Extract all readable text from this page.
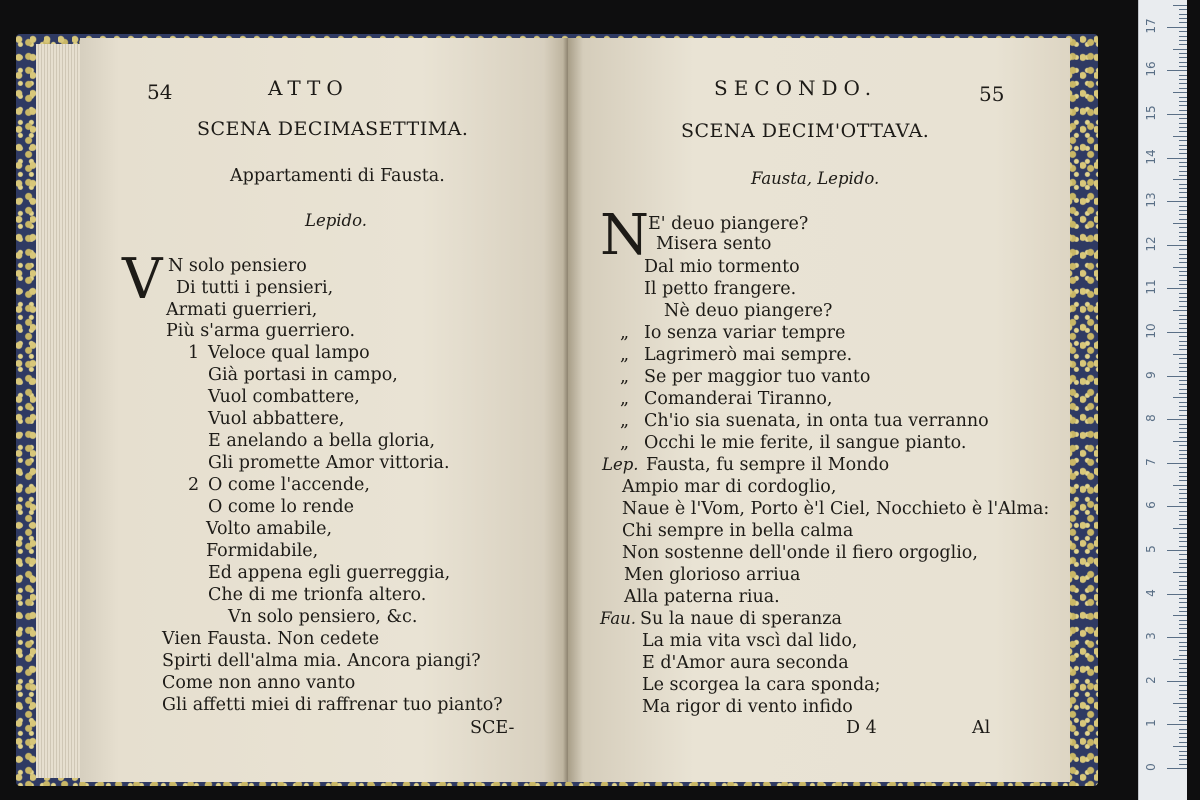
54	ATTO
SCENA DECIMASETTIMA.
Appartamenti di Fausta.
Lepido.
V N solo pensiero
Di tutti i pensieri,
Armati guerrieri,
Più s'arma guerriero.
1 Veloce qual lampo
Già portasi in campo,
Vuol combattere,
Vuol abbattere,
E anelando a bella gloria,
Gli promette Amor vittoria.
2 O come l'accende,
O come lo rende
Volto amabile,
Formidabile,
Ed appena egli guerreggia,
Che di me trionfa altero.
Vn solo pensiero, &c.
Vien Fausta. Non cedete
Spirti dell'alma mia. Ancora piangi?
Come non anno vanto
Gli affetti miei di raffrenar tuo pianto?
SCE-
SECONDO.	55
SCENA DECIM'OTTAVA.
Fausta, Lepido.
N E' deuo piangere?
Misera sento
Dal mio tormento
Il petto frangere.
Nè deuo piangere?
„ Io senza variar tempre
„ Lagrimerò mai sempre.
„ Se per maggior tuo vanto
„ Comanderai Tiranno,
„ Ch'io sia suenata, in onta tua verranno
„ Occhi le mie ferite, il sangue pianto.
Lep. Fausta, fu sempre il Mondo
Ampio mar di cordoglio,
Naue è l'Vom, Porto è'l Ciel, Nocchieto è l'Alma:
Chi sempre in bella calma
Non sostenne dell'onde il fiero orgoglio,
Men glorioso arriua
Alla paterna riua.
Fau. Su la naue di speranza
La mia vita vscì dal lido,
E d'Amor aura seconda
Le scorgea la cara sponda;
Ma rigor di vento infido
D 4	Al
0
1
2
3
4
5
6
7
8
9
10
11
12
13
14
15
16
17
